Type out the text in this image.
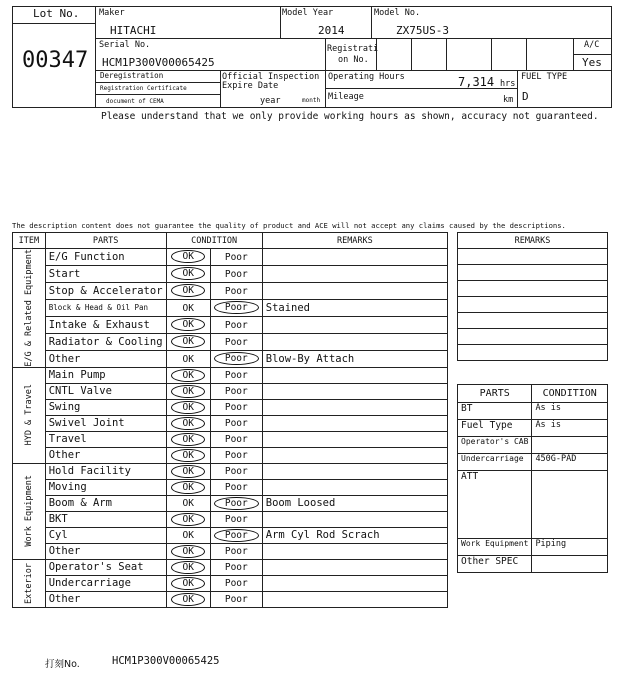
Lot No.
00347
Maker
HITACHI
Model Year
2014
Model No.
ZX75US-3
Serial No.
HCM1P300V00065425
Registrati
on No.
A/C
Yes
Deregistration
Registration Certificate
document of CEMA
Official Inspection
Expire Date
year	month
Operating Hours	7,314 hrs
Mileage	km
FUEL TYPE
D
Please understand that we only provide working hours as shown, accuracy not guaranteed.
The description content does not guarantee the quality of product and ACE will not accept any claims caused by the descriptions.
ITEM	PARTS	CONDITION		REMARKS

E/G & Related Equipment	E/G Function	OK	Poor	
	Start	OK	Poor	
	Stop & Accelerator	OK	Poor	
	Block & Head & Oil Pan	OK	Poor	Stained
	Intake & Exhaust	OK	Poor	
	Radiator & Cooling	OK	Poor	
	Other	OK	Poor	Blow-By Attach

HYD & Travel	Main Pump	OK	Poor	
	CNTL Valve	OK	Poor	
	Swing	OK	Poor	
	Swivel Joint	OK	Poor	
	Travel	OK	Poor	
	Other	OK	Poor	

Work Equipment	Hold Facility	OK	Poor	
	Moving	OK	Poor	
	Boom & Arm	OK	Poor	Boom Loosed
	BKT	OK	Poor	
	Cyl	OK	Poor	Arm Cyl Rod Scrach
	Other	OK	Poor	

Exterior	Operator's Seat	OK	Poor	
	Undercarriage	OK	Poor	
	Other	OK	Poor	
REMARKS

PARTS	CONDITION
BT	As is
Fuel Type	As is
Operator's CAB	
Undercarriage	450G-PAD
ATT	
Work Equipment	Piping
Other SPEC	
打刻No.	HCM1P300V00065425
